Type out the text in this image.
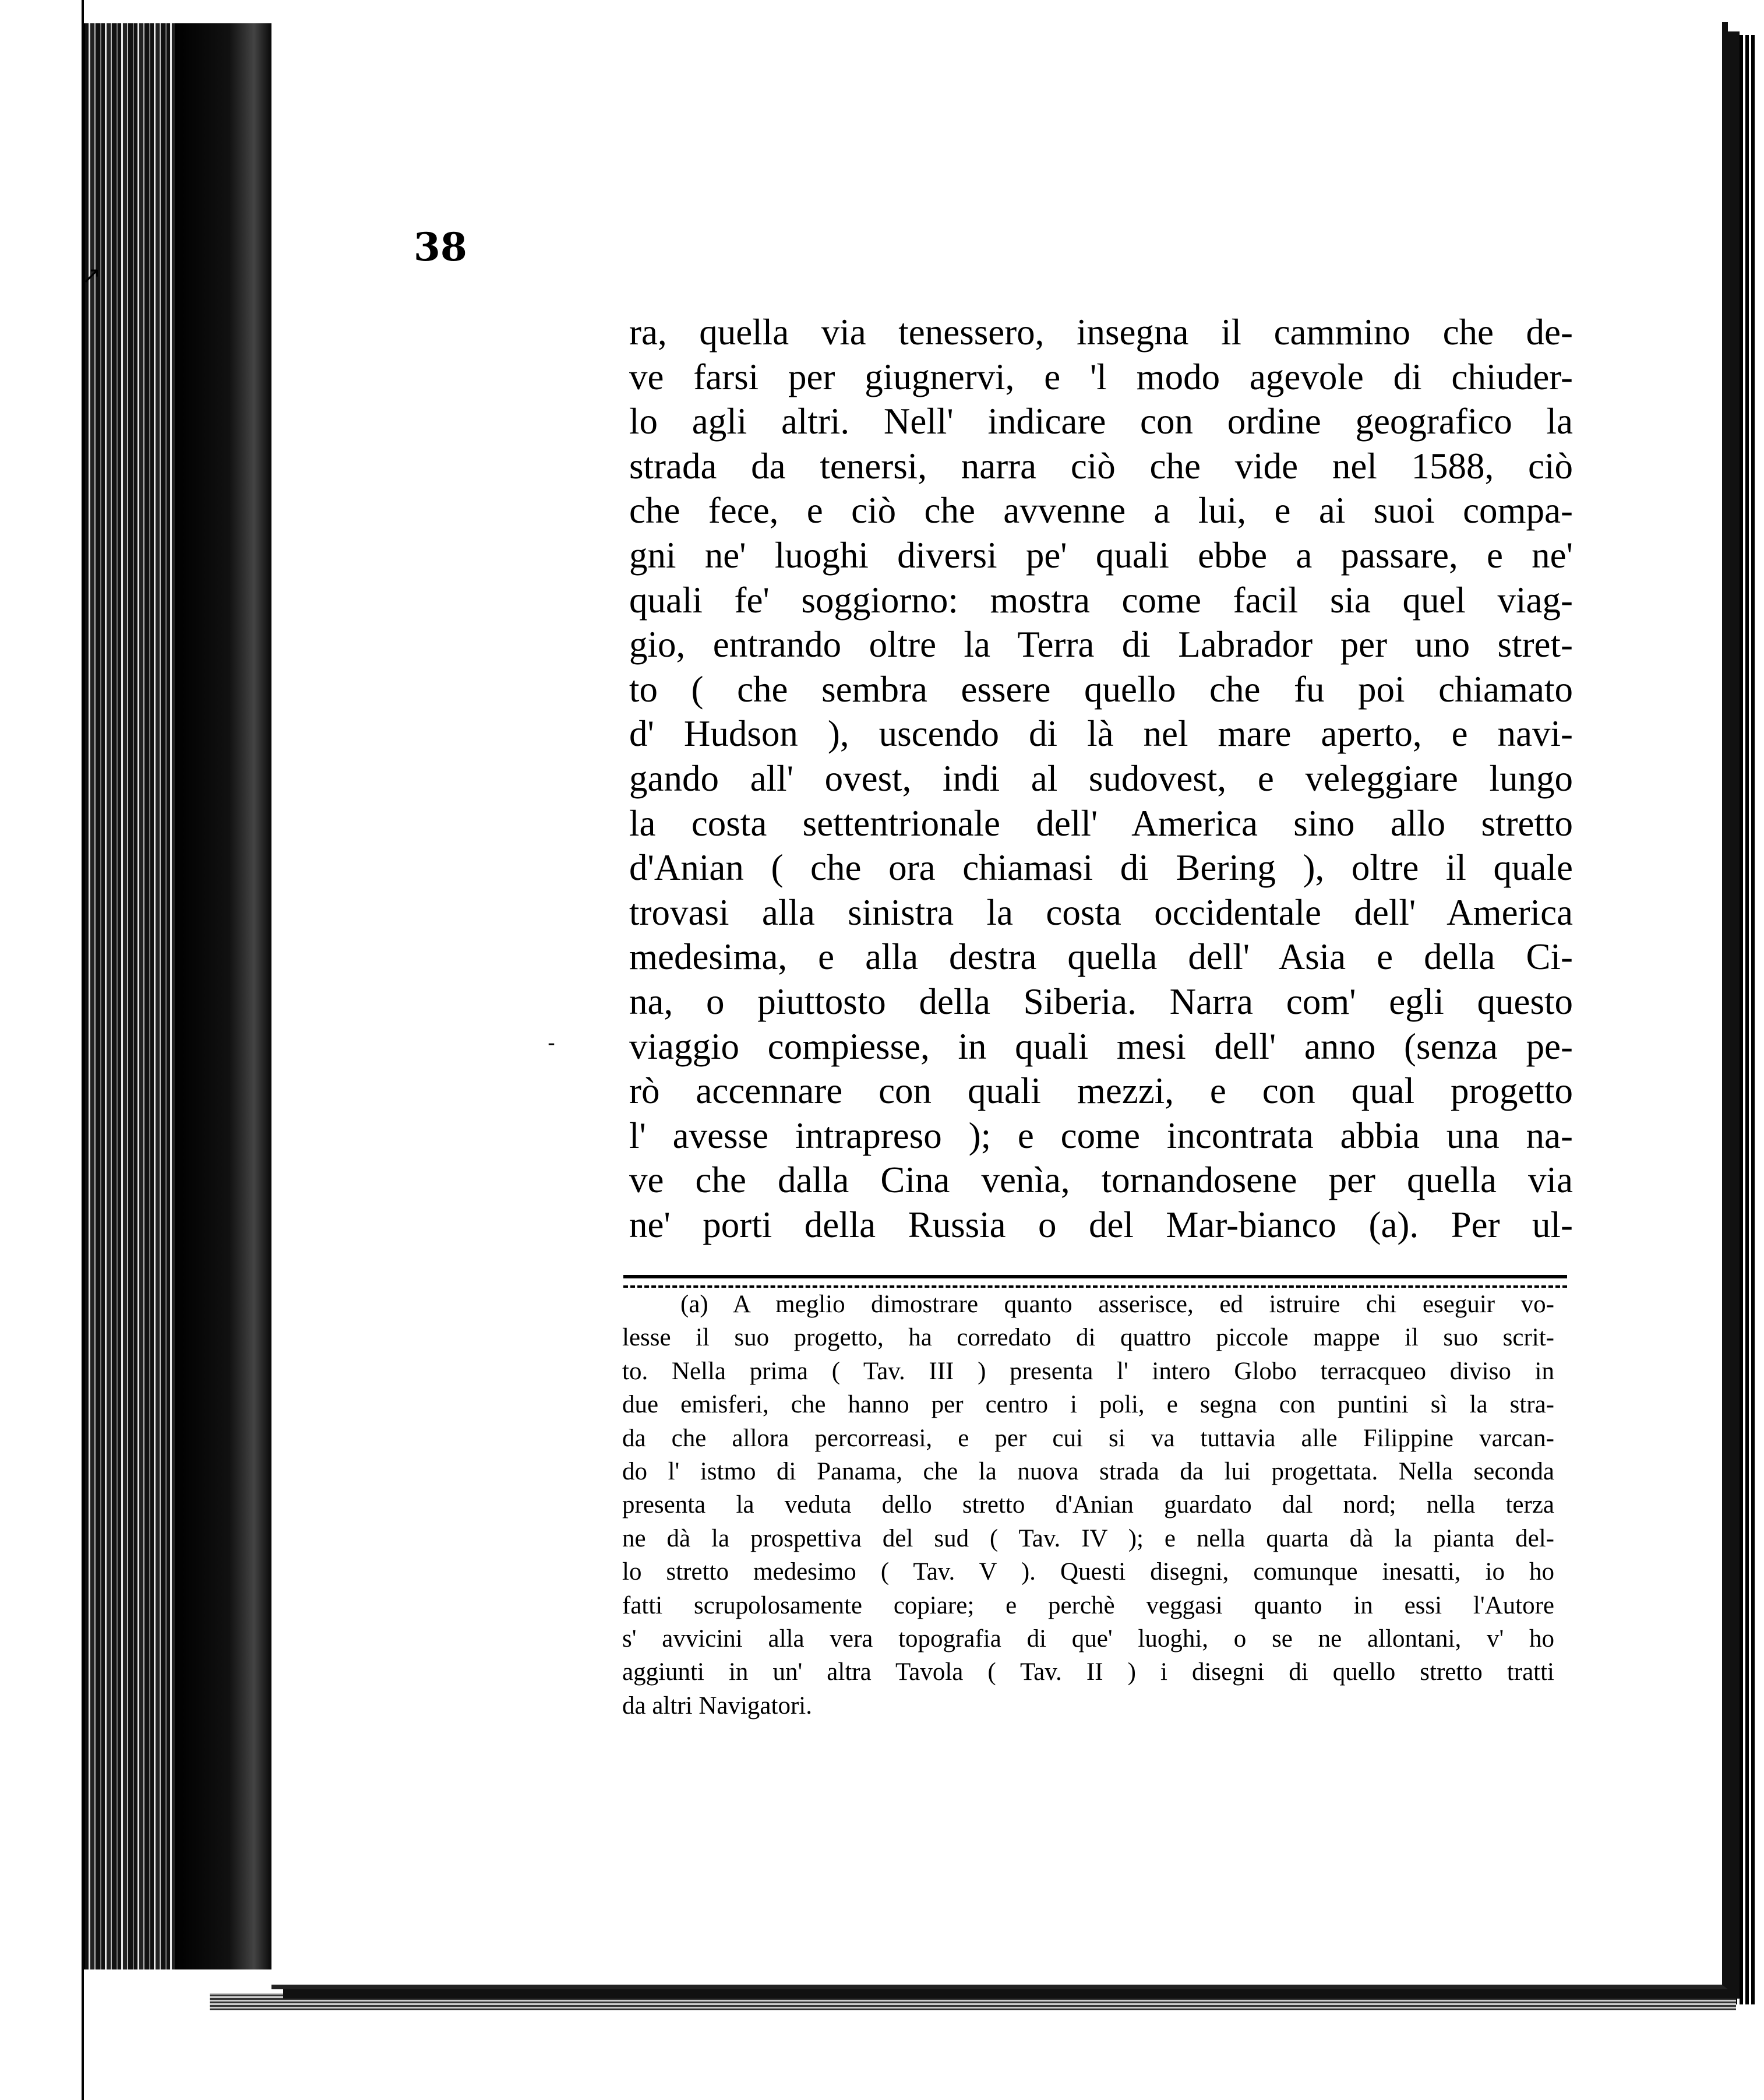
38
ra, quella via tenessero, insegna il cammino che de-
ve farsi per giugnervi, e 'l modo agevole di chiuder-
lo agli altri. Nell' indicare con ordine geografico la
strada da tenersi, narra ciò che vide nel 1588, ciò
che fece, e ciò che avvenne a lui, e ai suoi compa-
gni ne' luoghi diversi pe' quali ebbe a passare, e ne'
quali fe' soggiorno: mostra come facil sia quel viag-
gio, entrando oltre la Terra di Labrador per uno stret-
to ( che sembra essere quello che fu poi chiamato
d' Hudson ), uscendo di là nel mare aperto, e navi-
gando all' ovest, indi al sudovest, e veleggiare lungo
la costa settentrionale dell' America sino allo stretto
d'Anian ( che ora chiamasi di Bering ), oltre il quale
trovasi alla sinistra la costa occidentale dell' America
medesima, e alla destra quella dell' Asia e della Ci-
na, o piuttosto della Siberia. Narra com' egli questo
viaggio compiesse, in quali mesi dell' anno (senza pe-
rò accennare con quali mezzi, e con qual progetto
l' avesse intrapreso ); e come incontrata abbia una na-
ve che dalla Cina venìa, tornandosene per quella via
ne' porti della Russia o del Mar-bianco (a). Per ul-
(a) A meglio dimostrare quanto asserisce, ed istruire chi eseguir vo-
lesse il suo progetto, ha corredato di quattro piccole mappe il suo scrit-
to. Nella prima ( Tav. III ) presenta l' intero Globo terracqueo diviso in
due emisferi, che hanno per centro i poli, e segna con puntini sì la stra-
da che allora percorreasi, e per cui si va tuttavia alle Filippine varcan-
do l' istmo di Panama, che la nuova strada da lui progettata. Nella seconda
presenta la veduta dello stretto d'Anian guardato dal nord; nella terza
ne dà la prospettiva del sud ( Tav. IV ); e nella quarta dà la pianta del-
lo stretto medesimo ( Tav. V ). Questi disegni, comunque inesatti, io ho
fatti scrupolosamente copiare; e perchè veggasi quanto in essi l'Autore
s' avvicini alla vera topografia di que' luoghi, o se ne allontani, v' ho
aggiunti in un' altra Tavola ( Tav. II ) i disegni di quello stretto tratti
da altri Navigatori.
↗
‐
